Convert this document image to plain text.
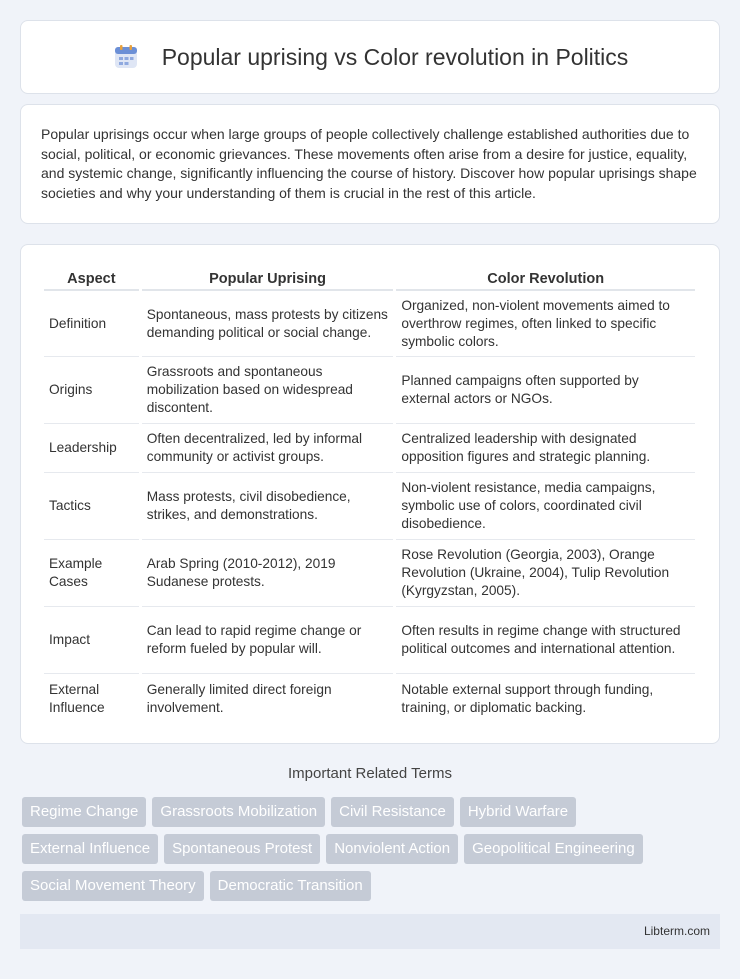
Popular uprising vs Color revolution in Politics

Popular uprisings occur when large groups of people collectively challenge established authorities due to social, political, or economic grievances. These movements often arise from a desire for justice, equality, and systemic change, significantly influencing the course of history. Discover how popular uprisings shape societies and why your understanding of them is crucial in the rest of this article.

Aspect	Popular Uprising	Color Revolution
Definition	Spontaneous, mass protests by citizens demanding political or social change.	Organized, non-violent movements aimed to overthrow regimes, often linked to specific symbolic colors.
Origins	Grassroots and spontaneous mobilization based on widespread discontent.	Planned campaigns often supported by external actors or NGOs.
Leadership	Often decentralized, led by informal community or activist groups.	Centralized leadership with designated opposition figures and strategic planning.
Tactics	Mass protests, civil disobedience, strikes, and demonstrations.	Non-violent resistance, media campaigns, symbolic use of colors, coordinated civil disobedience.
Example Cases	Arab Spring (2010-2012), 2019 Sudanese protests.	Rose Revolution (Georgia, 2003), Orange Revolution (Ukraine, 2004), Tulip Revolution (Kyrgyzstan, 2005).
Impact	Can lead to rapid regime change or reform fueled by popular will.	Often results in regime change with structured political outcomes and international attention.
External Influence	Generally limited direct foreign involvement.	Notable external support through funding, training, or diplomatic backing.
Important Related Terms
Regime Change	Grassroots Mobilization	Civil Resistance	Hybrid Warfare
External Influence	Spontaneous Protest	Nonviolent Action	Geopolitical Engineering
Social Movement Theory	Democratic Transition
Libterm.com
